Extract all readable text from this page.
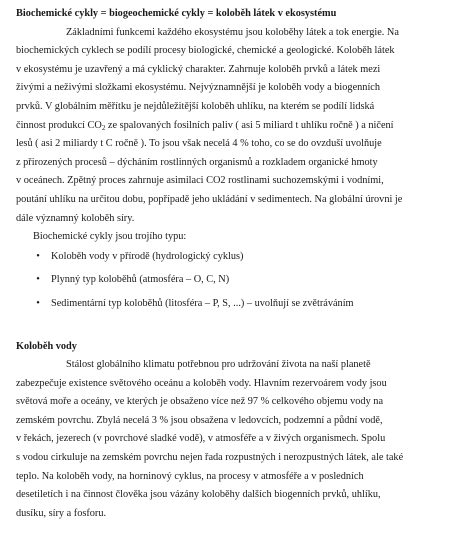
Biochemické cykly = biogeochemické cykly = koloběh látek v ekosystému

Základními funkcemi každého ekosystému jsou koloběhy látek a tok energie. Na
biochemických cyklech se podílí procesy biologické, chemické a geologické. Koloběh látek
v ekosystému je uzavřený a má cyklický charakter. Zahrnuje koloběh prvků a látek mezi
živými a neživými složkami ekosystému. Nejvýznamnější je koloběh vody a biogenních
prvků. V globálním měřítku je nejdůležitější koloběh uhlíku, na kterém se podílí lidská
činnost produkcí CO2 ze spalovaných fosilních paliv ( asi 5 miliard t uhlíku ročně ) a ničení
lesů ( asi 2 miliardy t C ročně ). To jsou však necelá 4 % toho, co se do ovzduší uvolňuje
z přirozených procesů – dýcháním rostlinných organismů a rozkladem organické hmoty
v oceánech. Zpětný proces zahrnuje asimilaci CO2 rostlinami suchozemskými i vodními,
poutání uhlíku na určitou dobu, popřípadě jeho ukládání v sedimentech. Na globální úrovni je
dále významný koloběh síry.

Biochemické cykly jsou trojího typu:

•	Koloběh vody v přírodě (hydrologický cyklus)
•	Plynný typ koloběhů (atmosféra – O, C, N)
•	Sedimentární typ koloběhů (litosféra – P, S, ...) – uvolňují se zvětráváním

Koloběh vody

Stálost globálního klimatu potřebnou pro udržování života na naší planetě
zabezpečuje existence světového oceánu a koloběh vody. Hlavním rezervoárem vody jsou
světová moře a oceány, ve kterých je obsaženo více než 97 % celkového objemu vody na
zemském povrchu. Zbylá necelá 3 % jsou obsažena v ledovcích, podzemní a půdní vodě,
v řekách, jezerech (v povrchové sladké vodě), v atmosféře a v živých organismech. Spolu
s vodou cirkuluje na zemském povrchu nejen řada rozpustných i nerozpustných látek, ale také
teplo. Na koloběh vody, na horninový cyklus, na procesy v atmosféře a v posledních
desetiletích i na činnost člověka jsou vázány koloběhy dalších biogenních prvků, uhlíku,
dusíku, síry a fosforu.
